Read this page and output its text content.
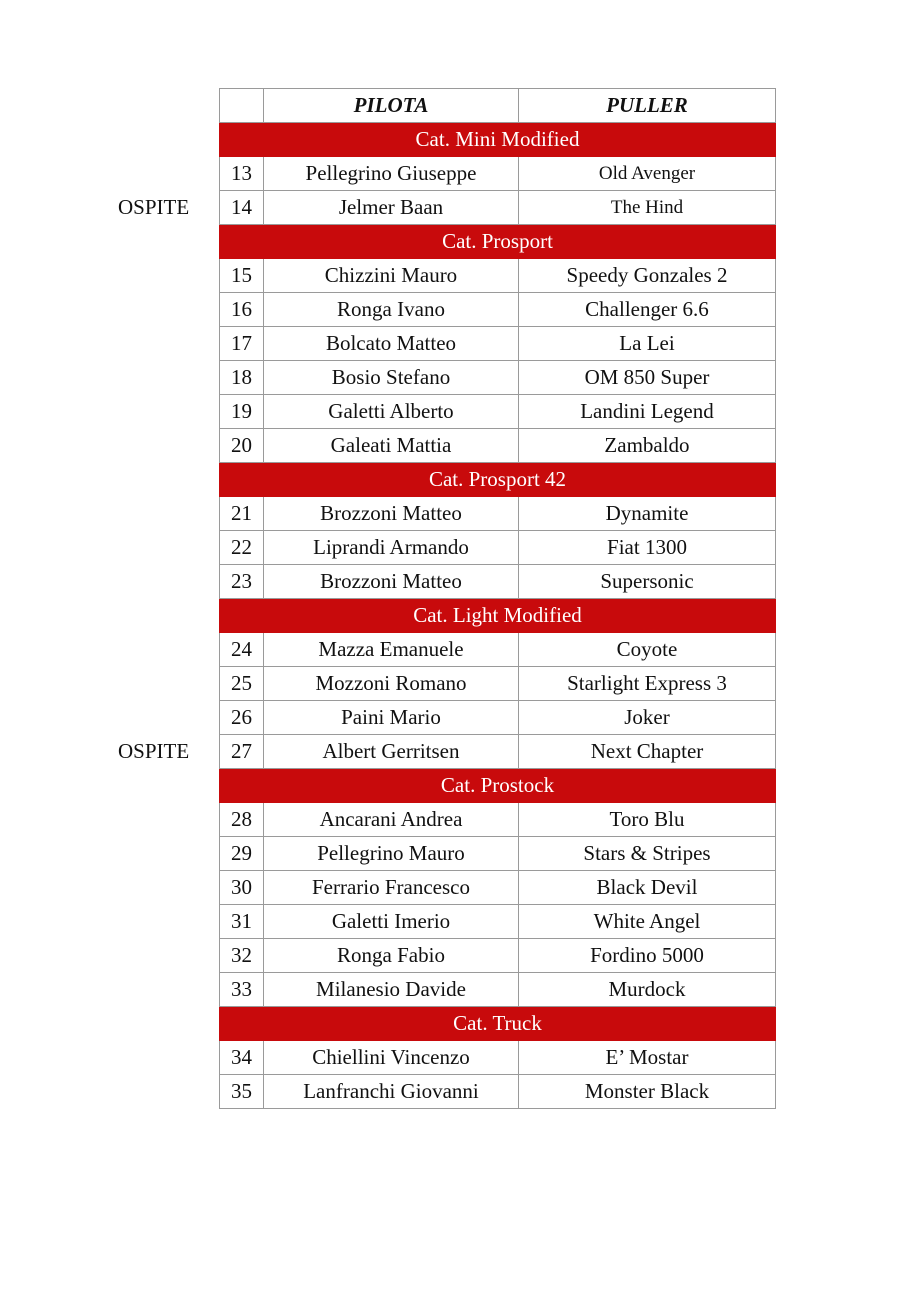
	PILOTA	PULLER
Cat. Mini Modified		
13	Pellegrino Giuseppe	Old Avenger
14	Jelmer Baan	The Hind
Cat. Prosport		
15	Chizzini Mauro	Speedy Gonzales 2
16	Ronga Ivano	Challenger 6.6
17	Bolcato Matteo	La Lei
18	Bosio Stefano	OM 850 Super
19	Galetti Alberto	Landini Legend
20	Galeati Mattia	Zambaldo
Cat. Prosport 42		
21	Brozzoni Matteo	Dynamite
22	Liprandi Armando	Fiat 1300
23	Brozzoni Matteo	Supersonic
Cat. Light Modified		
24	Mazza Emanuele	Coyote
25	Mozzoni Romano	Starlight Express 3
26	Paini Mario	Joker
27	Albert Gerritsen	Next Chapter
Cat. Prostock		
28	Ancarani Andrea	Toro Blu
29	Pellegrino Mauro	Stars & Stripes
30	Ferrario Francesco	Black Devil
31	Galetti Imerio	White Angel
32	Ronga Fabio	Fordino 5000
33	Milanesio Davide	Murdock
Cat. Truck		
34	Chiellini Vincenzo	E’ Mostar
35	Lanfranchi Giovanni	Monster Black
OSPITE
OSPITE
